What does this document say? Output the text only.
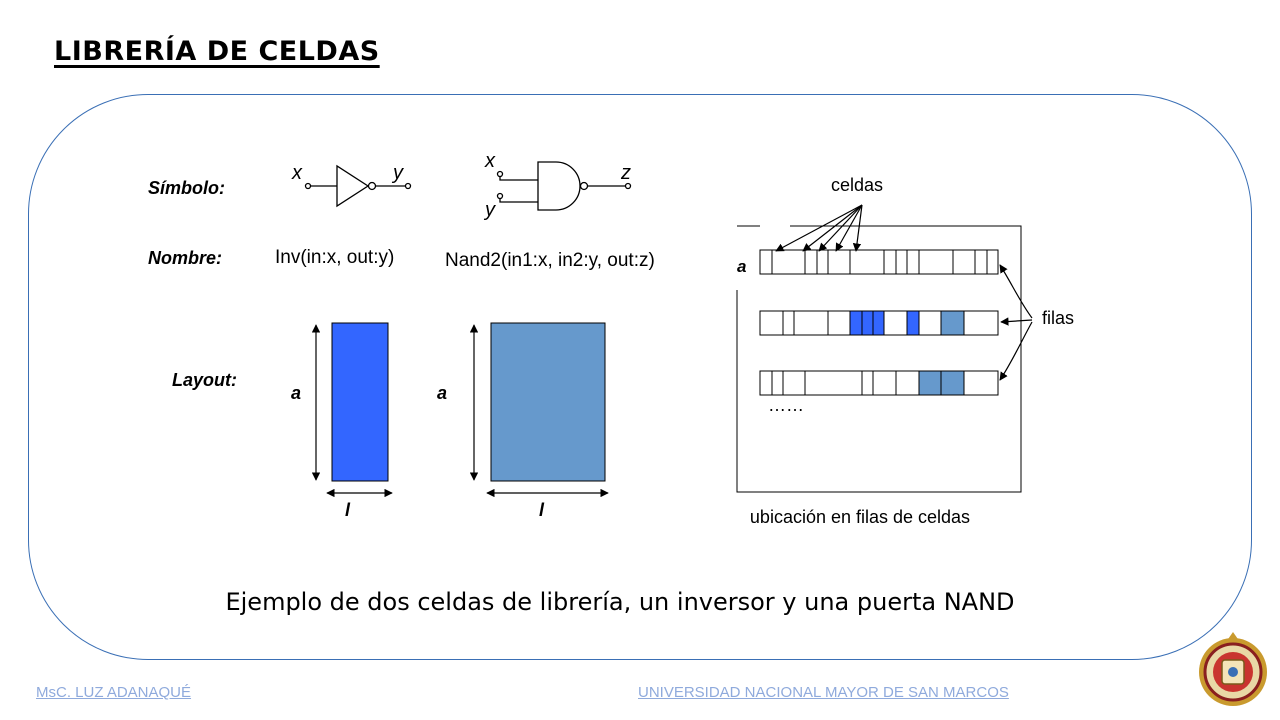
LIBRERÍA DE CELDAS
Símbolo:
Nombre:
Layout:
x	y
Inv(in:x, out:y)
a
l
x
y
z
Nand2(in1:x, in2:y, out:z)
a
l
celdas
a
filas
……
ubicación en filas de celdas
Ejemplo de dos celdas de librería, un inversor y una puerta NAND
MsC. LUZ ADANAQUÉ	UNIVERSIDAD NACIONAL MAYOR DE SAN MARCOS
